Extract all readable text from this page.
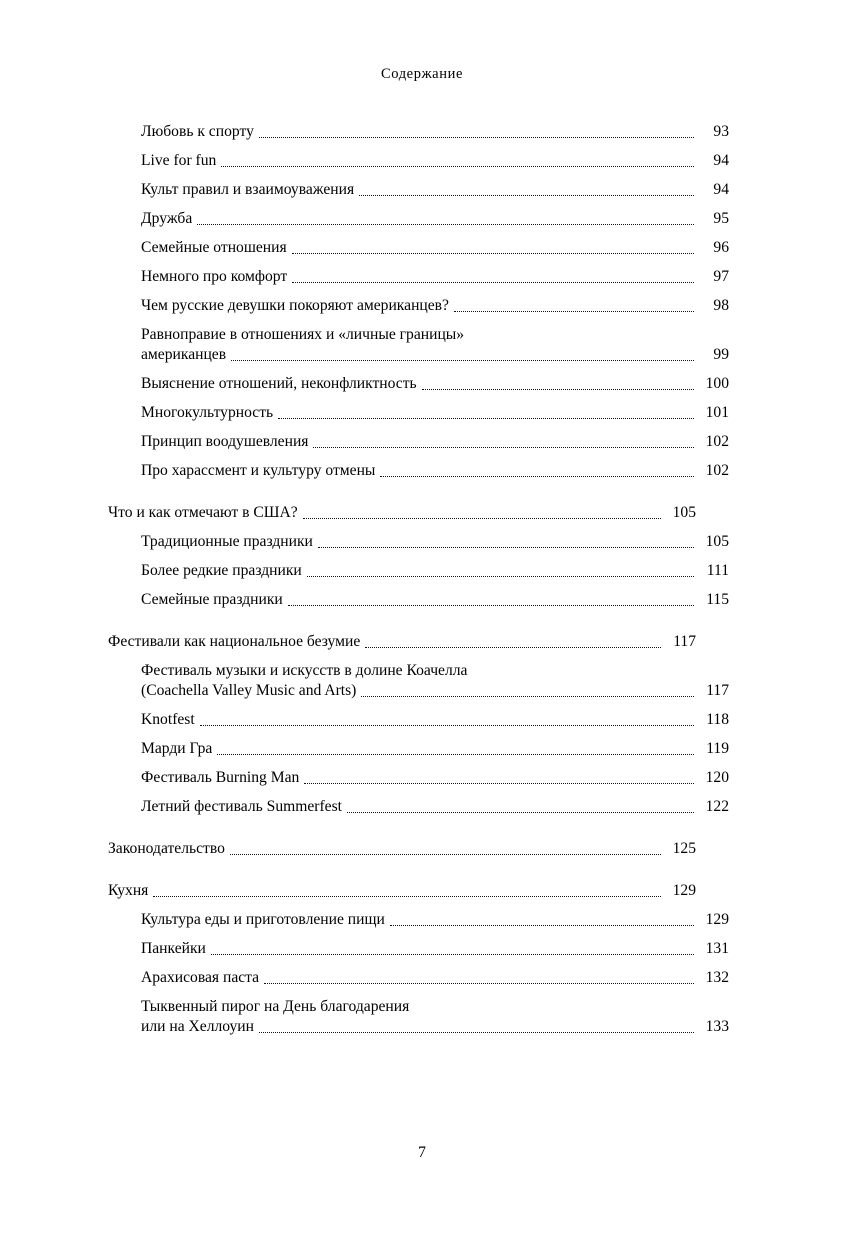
Содержание
Любовь к спорту	93
Live for fun	94
Культ правил и взаимоуважения	94
Дружба	95
Семейные отношения	96
Немного про комфорт	97
Чем русские девушки покоряют американцев?	98
Равноправие в отношениях и «личные границы»
американцев	99
Выяснение отношений, неконфликтность	100
Многокультурность	101
Принцип воодушевления	102
Про харассмент и культуру отмены	102
Что и как отмечают в США?	105
Традиционные праздники	105
Более редкие праздники	111
Семейные праздники	115
Фестивали как национальное безумие	117
Фестиваль музыки и искусств в долине Коачелла
(Coachella Valley Music and Arts)	117
Knotfest	118
Марди Гра	119
Фестиваль Burning Man	120
Летний фестиваль Summerfest	122
Законодательство	125
Кухня	129
Культура еды и приготовление пищи	129
Панкейки	131
Арахисовая паста	132
Тыквенный пирог на День благодарения
или на Хеллоуин	133
7
